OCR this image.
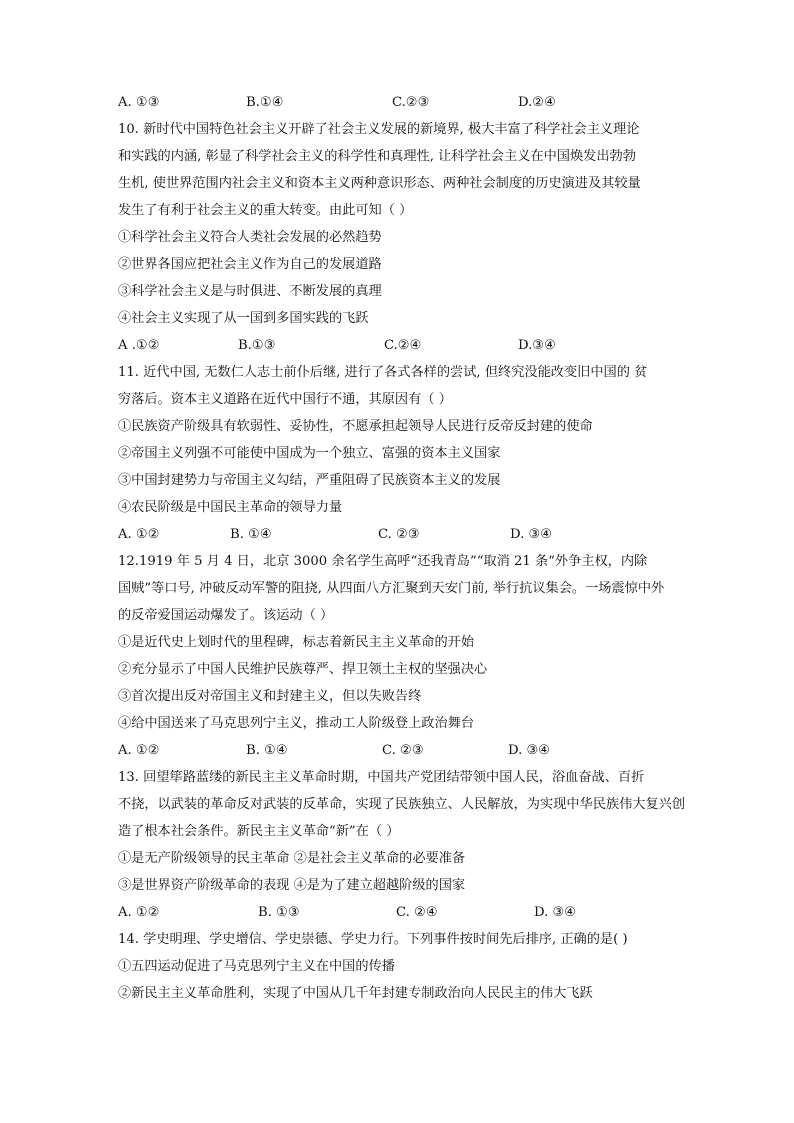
A. ①③	B.①④	C.②③	D.②④
10. 新时代中国特色社会主义开辟了社会主义发展的新境界, 极大丰富了科学社会主义理论
和实践的内涵, 彰显了科学社会主义的科学性和真理性, 让科学社会主义在中国焕发出勃勃
生机, 使世界范围内社会主义和资本主义两种意识形态、两种社会制度的历史演进及其较量
发生了有利于社会主义的重大转变。由此可知（ ）
①科学社会主义符合人类社会发展的必然趋势
②世界各国应把社会主义作为自己的发展道路
③科学社会主义是与时俱进、不断发展的真理
④社会主义实现了从一国到多国实践的飞跃
A .①②	B.①③	C.②④	D.③④
11. 近代中国, 无数仁人志士前仆后继, 进行了各式各样的尝试, 但终究没能改变旧中国的 贫
穷落后。资本主义道路在近代中国行不通，其原因有（ ）
①民族资产阶级具有软弱性、妥协性，不愿承担起领导人民进行反帝反封建的使命
②帝国主义列强不可能使中国成为一个独立、富强的资本主义国家
③中国封建势力与帝国主义勾结，严重阻碍了民族资本主义的发展
④农民阶级是中国民主革命的领导力量
A. ①②	B. ①④	C. ②③	D. ③④
12.1919 年 5 月 4 日，北京 3000 余名学生高呼“还我青岛”“取消 21 条“外争主权，内除
国贼”等口号, 冲破反动军警的阻挠, 从四面八方汇聚到天安门前, 举行抗议集会。一场震惊中外
的反帝爱国运动爆发了。该运动（ ）
①是近代史上划时代的里程碑，标志着新民主主义革命的开始
②充分显示了中国人民维护民族尊严、捍卫领土主权的坚强决心
③首次提出反对帝国主义和封建主义，但以失败告终
④给中国送来了马克思列宁主义，推动工人阶级登上政治舞台
A. ①②	B. ①④	C. ②③	D. ③④
13. 回望筚路蓝缕的新民主主义革命时期，中国共产党团结带领中国人民，浴血奋战、百折
不挠，以武装的革命反对武装的反革命，实现了民族独立、人民解放，为实现中华民族伟大复兴创
造了根本社会条件。新民主主义革命“新”在（ ）
①是无产阶级领导的民主革命 ②是社会主义革命的必要准备
③是世界资产阶级革命的表现 ④是为了建立超越阶级的国家
A. ①②	B. ①③	C. ②④	D. ③④
14. 学史明理、学史增信、学史崇德、学史力行。下列事件按时间先后排序, 正确的是( )
①五四运动促进了马克思列宁主义在中国的传播
②新民主主义革命胜利，实现了中国从几千年封建专制政治向人民民主的伟大飞跃
